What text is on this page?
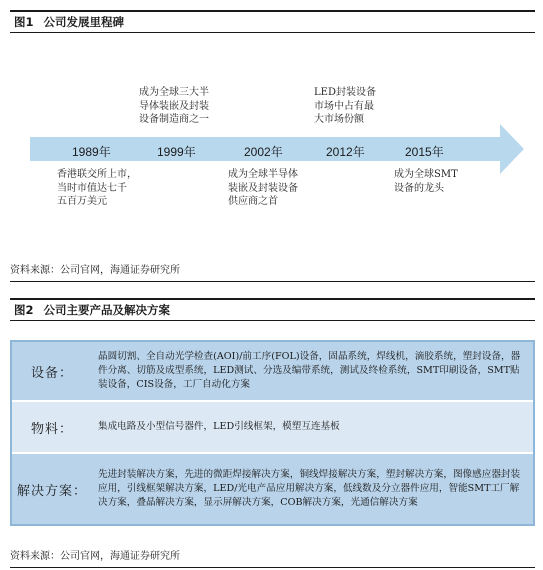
图1 公司发展里程碑
1989年	1999年	2002年	2012年	2015年
香港联交所上市，
当时市值达七千
五百万美元
成为全球三大半
导体装嵌及封装
设备制造商之一
成为全球半导体
装嵌及封装设备
供应商之首
LED封装设备
市场中占有最
大市场份额
成为全球SMT
设备的龙头
资料来源：公司官网，海通证券研究所
图2 公司主要产品及解决方案
设备：
晶圆切割、全自动光学检查(AOI)/前工序(FOL)设备，固晶系统，焊线机，滴胶系统，塑封设备，器件分离、切筋及成型系统，LED测试、分选及编带系统，测试及终检系统，SMT印刷设备，SMT贴装设备，CIS设备，工厂自动化方案
物料：	集成电路及小型信号器件，LED引线框架，模塑互连基板
解决方案：
先进封装解决方案，先进的微距焊接解决方案，铜线焊接解决方案，塑封解决方案，图像感应器封装应用，引线框架解决方案，LED/光电产品应用解决方案，低线数及分立器件应用，智能SMT工厂解决方案，叠晶解决方案，显示屏解决方案，COB解决方案，光通信解决方案
资料来源：公司官网，海通证券研究所
